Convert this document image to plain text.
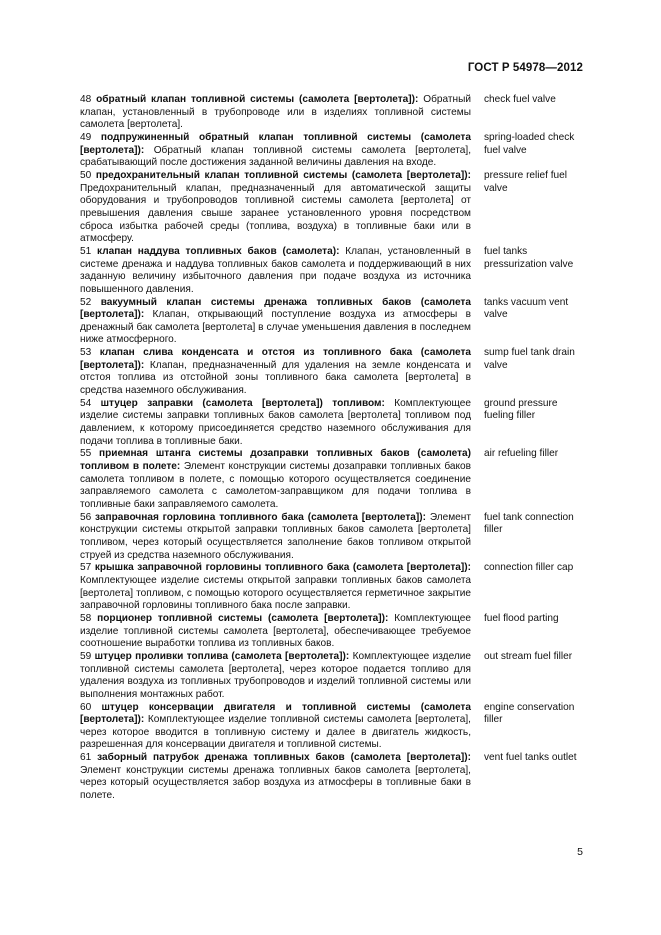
ГОСТ Р 54978—2012
48 обратный клапан топливной системы (самолета [вертолета]): Обратный клапан, установленный в трубопроводе или в изделиях топливной системы самолета [вертолета].
check fuel valve
49 подпружиненный обратный клапан топливной системы (самолета [вертолета]): Обратный клапан топливной системы самолета [вертолета], срабатывающий после достижения заданной величины давления на входе.
spring-loaded check fuel valve
50 предохранительный клапан топливной системы (самолета [вертолета]): Предохранительный клапан, предназначенный для автоматической защиты оборудования и трубопроводов топливной системы самолета [вертолета] от превышения давления свыше заранее установленного уровня посредством сброса избытка рабочей среды (топлива, воздуха) в топливные баки или в атмосферу.
pressure relief fuel valve
51 клапан наддува топливных баков (самолета): Клапан, установленный в системе дренажа и наддува топливных баков самолета и поддерживающий в них заданную величину избыточного давления при подаче воздуха из источника повышенного давления.
fuel tanks pressurization valve
52 вакуумный клапан системы дренажа топливных баков (самолета [вертолета]): Клапан, открывающий поступление воздуха из атмосферы в дренажный бак самолета [вертолета] в случае уменьшения давления в последнем ниже атмосферного.
tanks vacuum vent valve
53 клапан слива конденсата и отстоя из топливного бака (самолета [вертолета]): Клапан, предназначенный для удаления на земле конденсата и отстоя топлива из отстойной зоны топливного бака самолета [вертолета] в средства наземного обслуживания.
sump fuel tank drain valve
54 штуцер заправки (самолета [вертолета]) топливом: Комплектующее изделие системы заправки топливных баков самолета [вертолета] топливом под давлением, к которому присоединяется средство наземного обслуживания для подачи топлива в топливные баки.
ground pressure fueling filler
55 приемная штанга системы дозаправки топливных баков (самолета) топливом в полете: Элемент конструкции системы дозаправки топливных баков самолета топливом в полете, с помощью которого осуществляется соединение заправляемого самолета с самолетом-заправщиком для подачи топлива в топливные баки заправляемого самолета.
air refueling filler
56 заправочная горловина топливного бака (самолета [вертолета]): Элемент конструкции системы открытой заправки топливных баков самолета [вертолета] топливом, через который осуществляется заполнение баков топливом открытой струей из средства наземного обслуживания.
fuel tank connection filler
57 крышка заправочной горловины топливного бака (самолета [вертолета]): Комплектующее изделие системы открытой заправки топливных баков самолета [вертолета] топливом, с помощью которого осуществляется герметичное закрытие заправочной горловины топливного бака после заправки.
connection filler cap
58 порционер топливной системы (самолета [вертолета]): Комплектующее изделие топливной системы самолета [вертолета], обеспечивающее требуемое соотношение выработки топлива из топливных баков.
fuel flood parting
59 штуцер проливки топлива (самолета [вертолета]): Комплектующее изделие топливной системы самолета [вертолета], через которое подается топливо для удаления воздуха из топливных трубопроводов и изделий топливной системы или выполнения монтажных работ.
out stream fuel filler
60 штуцер консервации двигателя и топливной системы (самолета [вертолета]): Комплектующее изделие топливной системы самолета [вертолета], через которое вводится в топливную систему и далее в двигатель жидкость, разрешенная для консервации двигателя и топливной системы.
engine conservation filler
61 заборный патрубок дренажа топливных баков (самолета [вертолета]): Элемент конструкции системы дренажа топливных баков самолета [вертолета], через который осуществляется забор воздуха из атмосферы в топливные баки в полете.
vent fuel tanks outlet
5
